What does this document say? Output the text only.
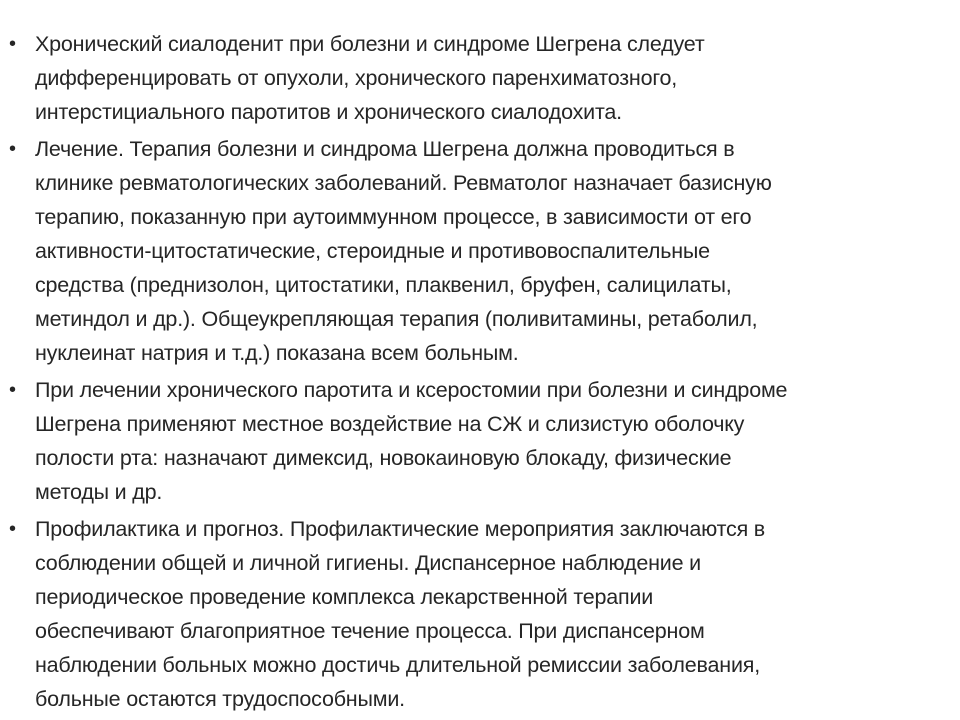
• Хронический сиалоденит при болезни и синдроме Шегрена следует
дифференцировать от опухоли, хронического паренхиматозного,
интерстициального паротитов и хронического сиалодохита.
• Лечение. Терапия болезни и синдрома Шегрена должна проводиться в
клинике ревматологических заболеваний. Ревматолог назначает базисную
терапию, показанную при аутоиммунном процессе, в зависимости от его
активности-цитостатические, стероидные и противовоспалительные
средства (преднизолон, цитостатики, плаквенил, бруфен, салицилаты,
метиндол и др.). Общеукрепляющая терапия (поливитамины, ретаболил,
нуклеинат натрия и т.д.) показана всем больным.
• При лечении хронического паротита и ксеростомии при болезни и синдроме
Шегрена применяют местное воздействие на СЖ и слизистую оболочку
полости рта: назначают димексид, новокаиновую блокаду, физические
методы и др.
• Профилактика и прогноз. Профилактические мероприятия заключаются в
соблюдении общей и личной гигиены. Диспансерное наблюдение и
периодическое проведение комплекса лекарственной терапии
обеспечивают благоприятное течение процесса. При диспансерном
наблюдении больных можно достичь длительной ремиссии заболевания,
больные остаются трудоспособными.
